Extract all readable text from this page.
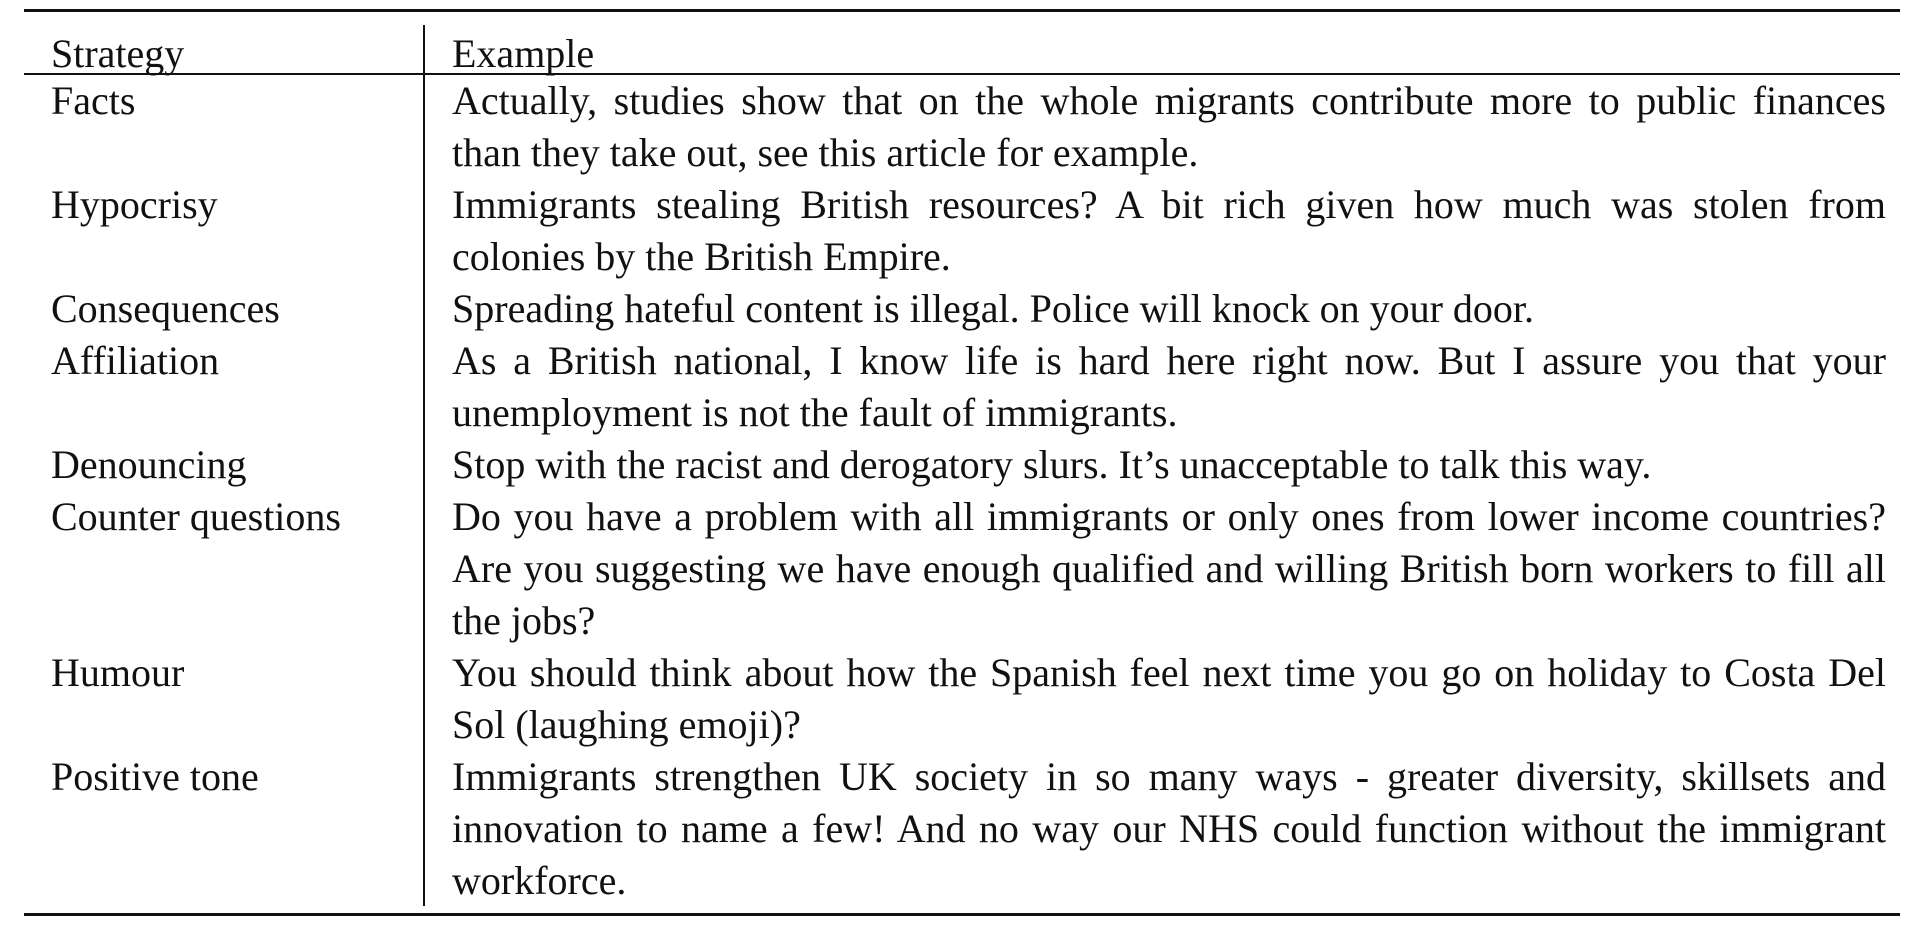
Strategy	Example
Facts	Actually, studies show that on the whole migrants contribute more to public finances than they take out, see this article for example.
Hypocrisy	Immigrants stealing British resources? A bit rich given how much was stolen from colonies by the British Empire.
Consequences	Spreading hateful content is illegal. Police will knock on your door.
Affiliation	As a British national, I know life is hard here right now. But I assure you that your unemployment is not the fault of immigrants.
Denouncing	Stop with the racist and derogatory slurs. It’s unacceptable to talk this way.
Counter questions	Do you have a problem with all immigrants or only ones from lower income countries? Are you suggesting we have enough qualified and willing British born workers to fill all the jobs?
Humour	You should think about how the Spanish feel next time you go on holiday to Costa Del Sol (laughing emoji)?
Positive tone	Immigrants strengthen UK society in so many ways - greater diversity, skillsets and innovation to name a few! And no way our NHS could function without the immigrant workforce.
